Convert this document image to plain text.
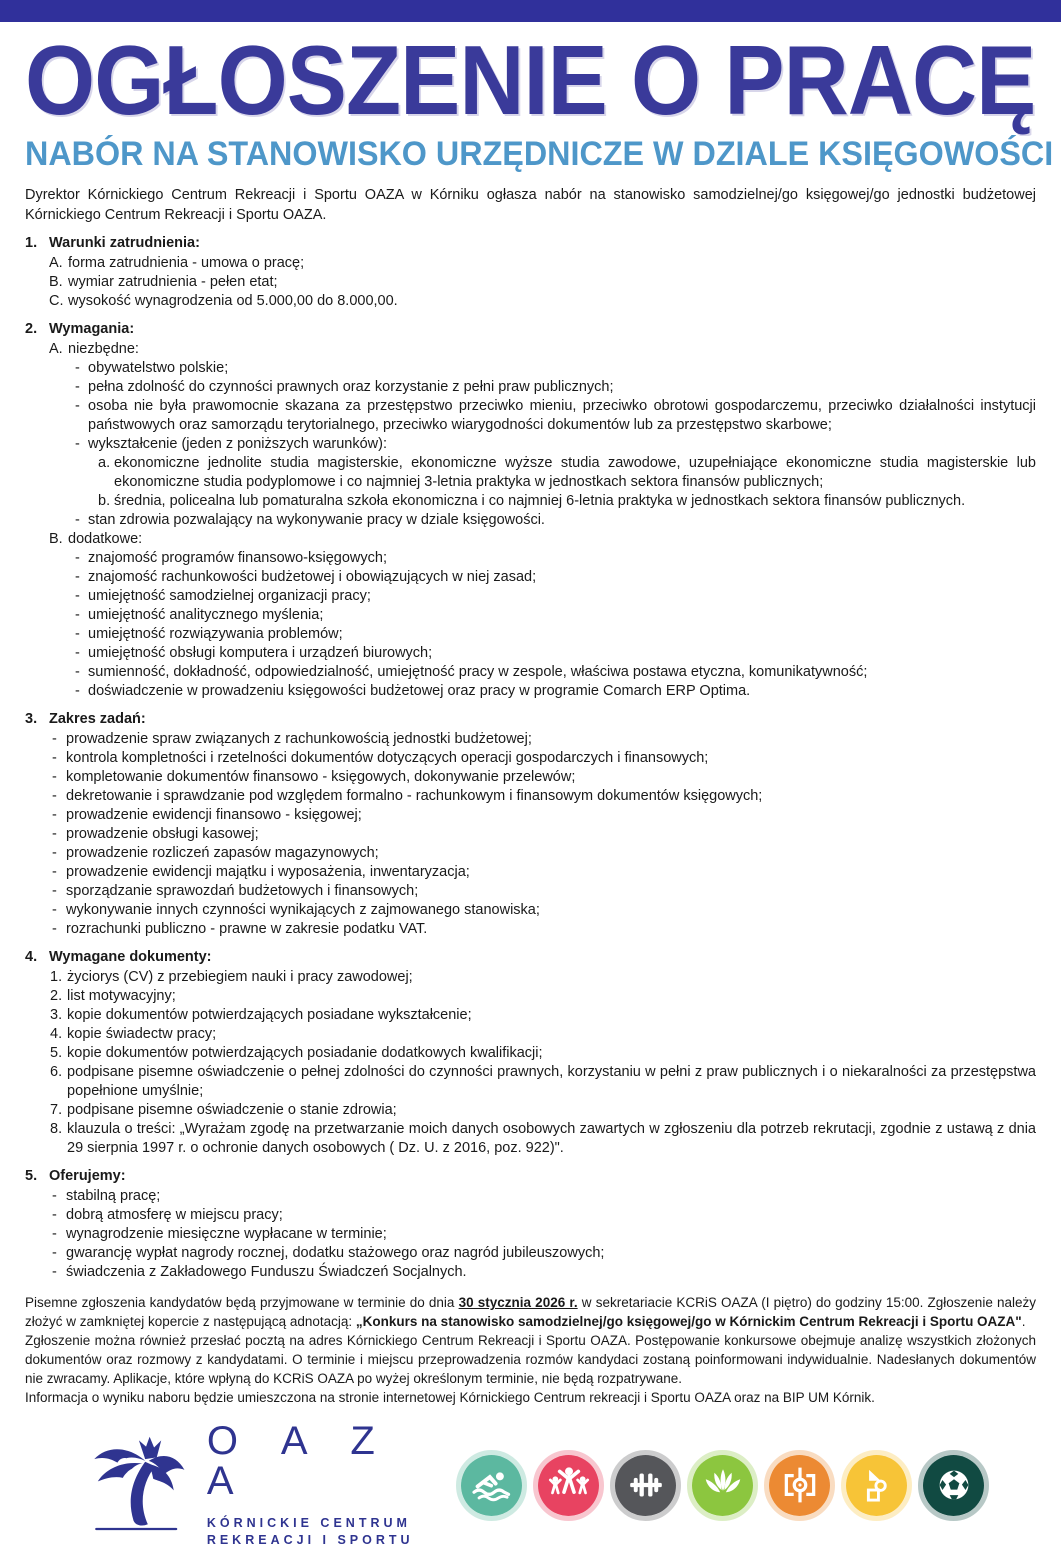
OGŁOSZENIE O PRACĘ
NABÓR NA STANOWISKO URZĘDNICZE W DZIALE KSIĘGOWOŚCI

Dyrektor Kórnickiego Centrum Rekreacji i Sportu OAZA w Kórniku ogłasza nabór na stanowisko samodzielnej/go księgowej/go jednostki budżetowej Kórnickiego Centrum Rekreacji i Sportu OAZA.

1. Warunki zatrudnienia:
A. forma zatrudnienia - umowa o pracę;
B. wymiar zatrudnienia - pełen etat;
C. wysokość wynagrodzenia od 5.000,00 do 8.000,00.
2. Wymagania:
A. niezbędne:
- obywatelstwo polskie;
- pełna zdolność do czynności prawnych oraz korzystanie z pełni praw publicznych;
- osoba nie była prawomocnie skazana za przestępstwo przeciwko mieniu, przeciwko obrotowi gospodarczemu, przeciwko działalności instytucji państwowych oraz samorządu terytorialnego, przeciwko wiarygodności dokumentów lub za przestępstwo skarbowe;
- wykształcenie (jeden z poniższych warunków):
a. ekonomiczne jednolite studia magisterskie, ekonomiczne wyższe studia zawodowe, uzupełniające ekonomiczne studia magisterskie lub ekonomiczne studia podyplomowe i co najmniej 3-letnia praktyka w jednostkach sektora finansów publicznych;
b. średnia, policealna lub pomaturalna szkoła ekonomiczna i co najmniej 6-letnia praktyka w jednostkach sektora finansów publicznych.
- stan zdrowia pozwalający na wykonywanie pracy w dziale księgowości.
B. dodatkowe:
- znajomość programów finansowo-księgowych;
- znajomość rachunkowości budżetowej i obowiązujących w niej zasad;
- umiejętność samodzielnej organizacji pracy;
- umiejętność analitycznego myślenia;
- umiejętność rozwiązywania problemów;
- umiejętność obsługi komputera i urządzeń biurowych;
- sumienność, dokładność, odpowiedzialność, umiejętność pracy w zespole, właściwa postawa etyczna, komunikatywność;
- doświadczenie w prowadzeniu księgowości budżetowej oraz pracy w programie Comarch ERP Optima.
3. Zakres zadań:
- prowadzenie spraw związanych z rachunkowością jednostki budżetowej;
- kontrola kompletności i rzetelności dokumentów dotyczących operacji gospodarczych i finansowych;
- kompletowanie dokumentów finansowo - księgowych, dokonywanie przelewów;
- dekretowanie i sprawdzanie pod względem formalno - rachunkowym i finansowym dokumentów księgowych;
- prowadzenie ewidencji finansowo - księgowej;
- prowadzenie obsługi kasowej;
- prowadzenie rozliczeń zapasów magazynowych;
- prowadzenie ewidencji majątku i wyposażenia, inwentaryzacja;
- sporządzanie sprawozdań budżetowych i finansowych;
- wykonywanie innych czynności wynikających z zajmowanego stanowiska;
- rozrachunki publiczno - prawne w zakresie podatku VAT.
4. Wymagane dokumenty:
1. życiorys (CV) z przebiegiem nauki i pracy zawodowej;
2. list motywacyjny;
3. kopie dokumentów potwierdzających posiadane wykształcenie;
4. kopie świadectw pracy;
5. kopie dokumentów potwierdzających posiadanie dodatkowych kwalifikacji;
6. podpisane pisemne oświadczenie o pełnej zdolności do czynności prawnych, korzystaniu w pełni z praw publicznych i o niekaralności za przestępstwa popełnione umyślnie;
7. podpisane pisemne oświadczenie o stanie zdrowia;
8. klauzula o treści: „Wyrażam zgodę na przetwarzanie moich danych osobowych zawartych w zgłoszeniu dla potrzeb rekrutacji, zgodnie z ustawą z dnia 29 sierpnia 1997 r. o ochronie danych osobowych ( Dz. U. z 2016, poz. 922)".
5. Oferujemy:
- stabilną pracę;
- dobrą atmosferę w miejscu pracy;
- wynagrodzenie miesięczne wypłacane w terminie;
- gwarancję wypłat nagrody rocznej, dodatku stażowego oraz nagród jubileuszowych;
- świadczenia z Zakładowego Funduszu Świadczeń Socjalnych.

Pisemne zgłoszenia kandydatów będą przyjmowane w terminie do dnia 30 stycznia 2026 r. w sekretariacie KCRiS OAZA (I piętro) do godziny 15:00. Zgłoszenie należy złożyć w zamkniętej kopercie z następującą adnotacją: „Konkurs na stanowisko samodzielnej/go księgowej/go w Kórnickim Centrum Rekreacji i Sportu OAZA".

Zgłoszenie można również przesłać pocztą na adres Kórnickiego Centrum Rekreacji i Sportu OAZA. Postępowanie konkursowe obejmuje analizę wszystkich złożonych dokumentów oraz rozmowy z kandydatami. O terminie i miejscu przeprowadzenia rozmów kandydaci zostaną poinformowani indywidualnie. Nadesłanych dokumentów nie zwracamy. Aplikacje, które wpłyną do KCRiS OAZA po wyżej określonym terminie, nie będą rozpatrywane.

Informacja o wyniku naboru będzie umieszczona na stronie internetowej Kórnickiego Centrum rekreacji i Sportu OAZA oraz na BIP UM Kórnik.

O A Z A
KÓRNICKIE CENTRUM
REKREACJI I SPORTU
